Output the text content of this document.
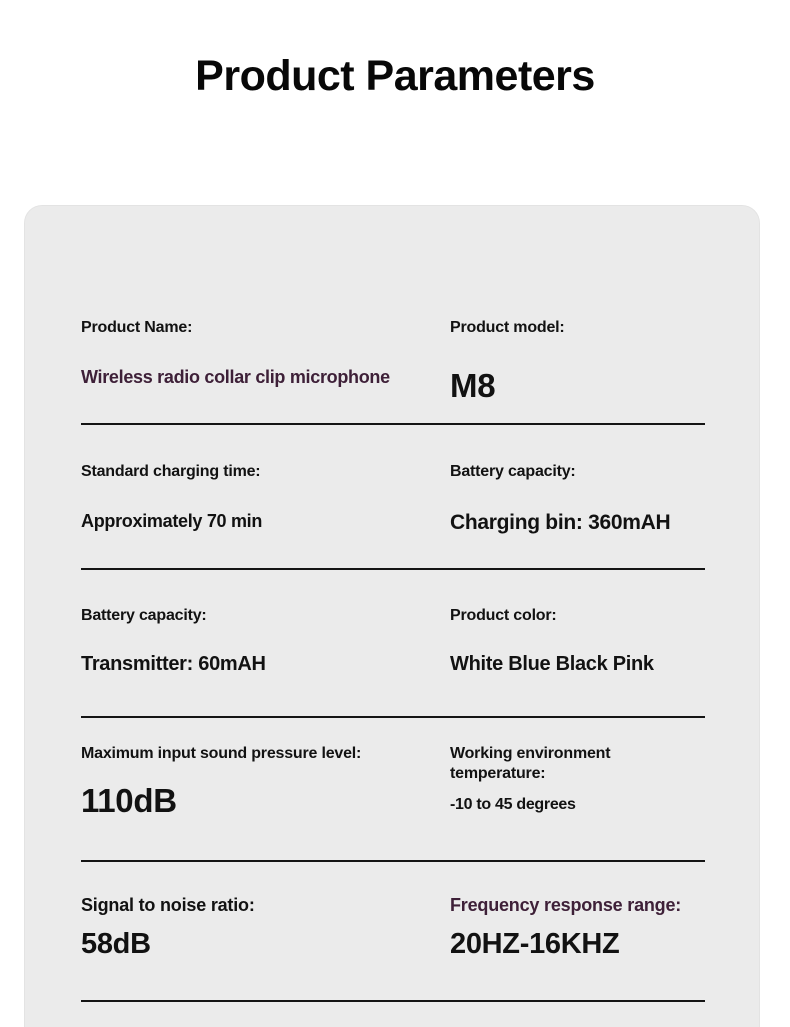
Product Parameters
Product Name:
Wireless radio collar clip microphone
Product model:
M8
Standard charging time:
Approximately 70 min
Battery capacity:
Charging bin: 360mAH
Battery capacity:
Transmitter: 60mAH
Product color:
White Blue Black Pink
Maximum input sound pressure level:
110dB
Working environment temperature:
-10 to 45 degrees
Signal to noise ratio:
58dB
Frequency response range:
20HZ-16KHZ
